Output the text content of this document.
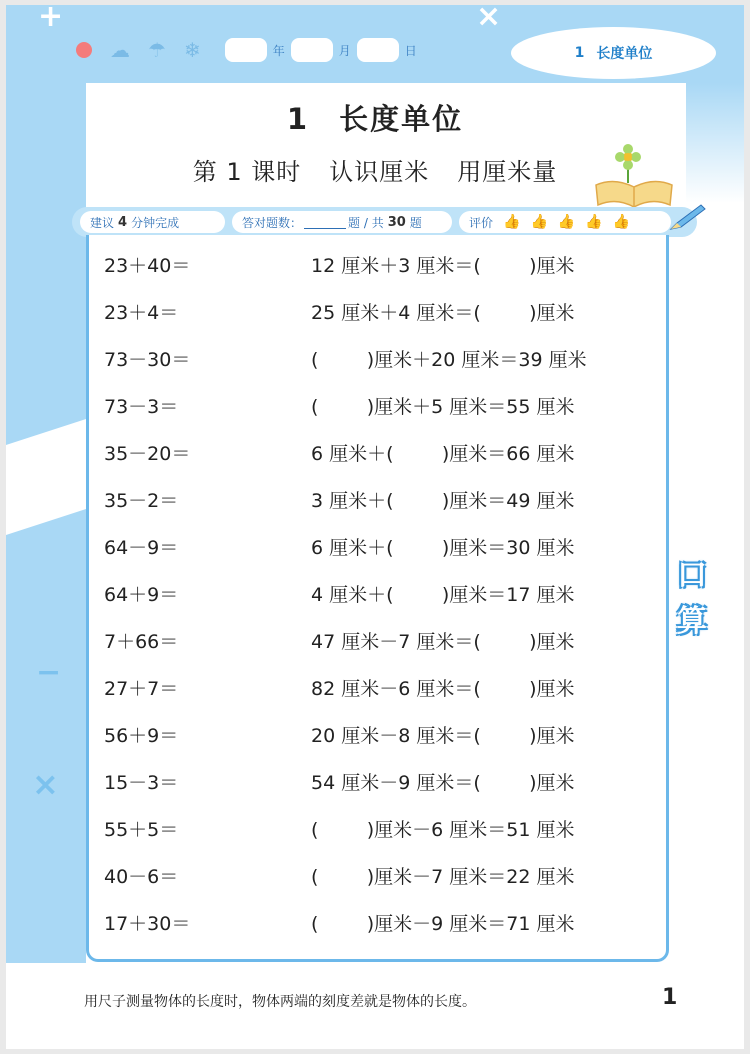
+	×
×
−
☁ ☂ ❄	年	月	日	1 长度单位
1 长度单位
第 1 课时 认识厘米 用厘米量
建议 4 分钟完成	答对题数：	题 / 共 30 题	评价 👍 👍 👍 👍 👍
23＋40＝	12 厘米＋3 厘米＝(        )厘米
23＋4＝	25 厘米＋4 厘米＝(        )厘米
73－30＝	(        )厘米＋20 厘米＝39 厘米
73－3＝	(        )厘米＋5 厘米＝55 厘米
35－20＝	6 厘米＋(        )厘米＝66 厘米
35－2＝	3 厘米＋(        )厘米＝49 厘米
64－9＝	6 厘米＋(        )厘米＝30 厘米
64＋9＝	4 厘米＋(        )厘米＝17 厘米
7＋66＝	47 厘米－7 厘米＝(        )厘米
27＋7＝	82 厘米－6 厘米＝(        )厘米
56＋9＝	20 厘米－8 厘米＝(        )厘米
15－3＝	54 厘米－9 厘米＝(        )厘米
55＋5＝	(        )厘米－6 厘米＝51 厘米
40－6＝	(        )厘米－7 厘米＝22 厘米
17＋30＝	(        )厘米－9 厘米＝71 厘米
口
算
用尺子测量物体的长度时，物体两端的刻度差就是物体的长度。	1
